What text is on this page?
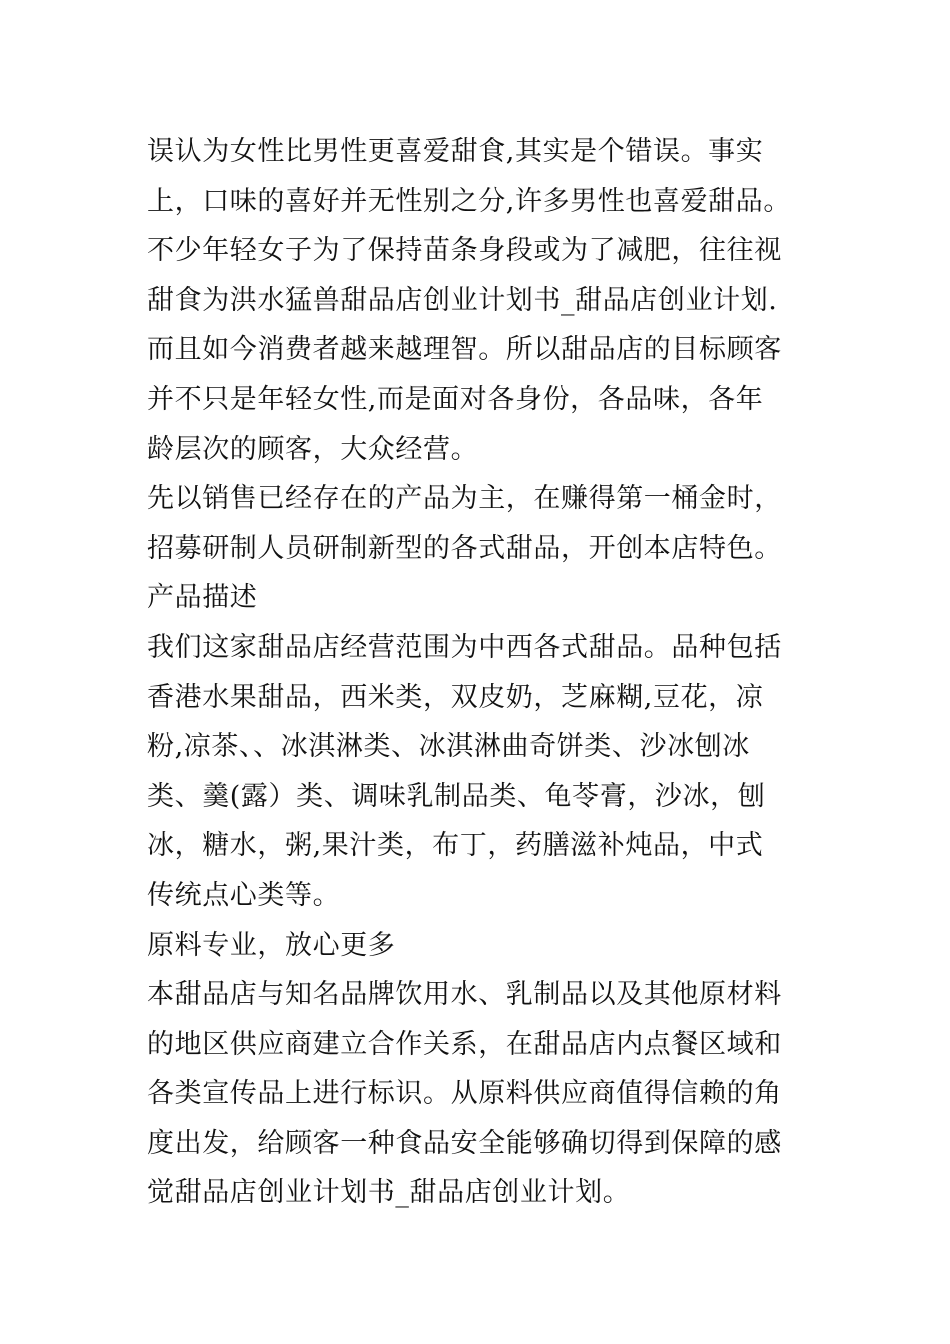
误认为女性比男性更喜爱甜食,其实是个错误。事实
上，口味的喜好并无性别之分,许多男性也喜爱甜品。
不少年轻女子为了保持苗条身段或为了减肥，往往视
甜食为洪水猛兽甜品店创业计划书_甜品店创业计划.
而且如今消费者越来越理智。所以甜品店的目标顾客
并不只是年轻女性,而是面对各身份，各品味，各年
龄层次的顾客，大众经营。
先以销售已经存在的产品为主，在赚得第一桶金时，
招募研制人员研制新型的各式甜品，开创本店特色。
产品描述
我们这家甜品店经营范围为中西各式甜品。品种包括
香港水果甜品，西米类，双皮奶，芝麻糊,豆花，凉
粉,凉茶、、冰淇淋类、冰淇淋曲奇饼类、沙冰刨冰
类、羹(露）类、调味乳制品类、龟苓膏，沙冰，刨
冰，糖水，粥,果汁类，布丁，药膳滋补炖品，中式
传统点心类等。
原料专业，放心更多
本甜品店与知名品牌饮用水、乳制品以及其他原材料
的地区供应商建立合作关系，在甜品店内点餐区域和
各类宣传品上进行标识。从原料供应商值得信赖的角
度出发，给顾客一种食品安全能够确切得到保障的感
觉甜品店创业计划书_甜品店创业计划。
